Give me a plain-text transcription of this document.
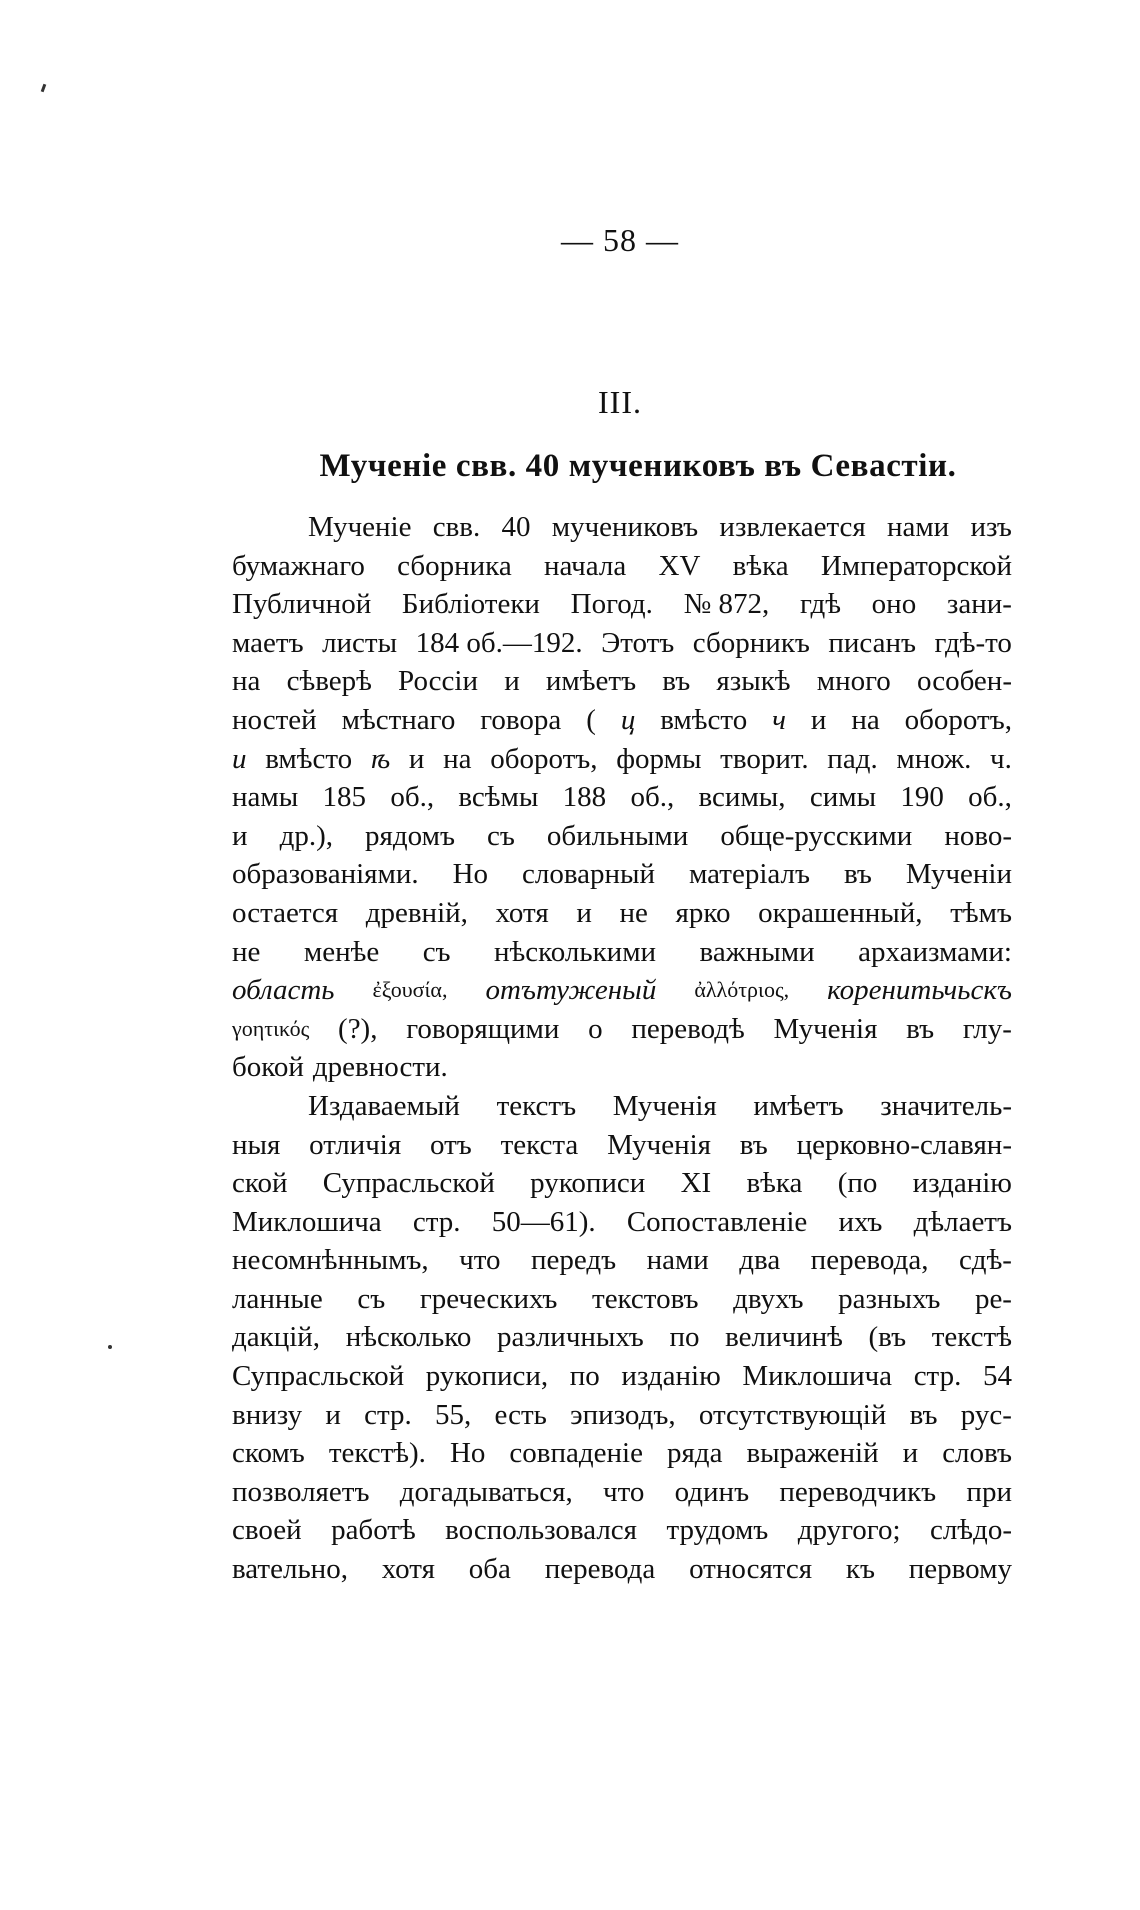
— 58 —
III.
Мученіе свв. 40 мучениковъ въ Севастіи.
Мученіе свв. 40 мучениковъ извлекается нами изъ
бумажнаго сборника начала XV вѣка Императорской
Публичной Библіотеки Погод. № 872, гдѣ оно зани-
маетъ листы 184 об.—192. Этотъ сборникъ писанъ гдѣ-то
на сѣверѣ Россіи и имѣетъ въ языкѣ много особен-
ностей мѣстнаго говора ( ц вмѣсто ч и на оборотъ,
и вмѣсто ѣ и на оборотъ, формы творит. пад. множ. ч.
намы 185 об., всѣмы 188 об., всимы, симы 190 об.,
и др.), рядомъ съ обильными обще-русскими ново-
образованіями. Но словарный матеріалъ въ Мученіи
остается древній, хотя и не ярко окрашенный, тѣмъ
не менѣе съ нѣсколькими важными архаизмами:
область ἐξουσία, отътуженый ἀλλότριος, коренитьчьскъ
γοητικός (?), говорящими о переводѣ Мученія въ глу-
бокой древности.
Издаваемый текстъ Мученія имѣетъ значитель-
ныя отличія отъ текста Мученія въ церковно-славян-
ской Супрасльской рукописи XI вѣка (по изданію
Миклошича стр. 50—61). Сопоставленіе ихъ дѣлаетъ
несомнѣннымъ, что передъ нами два перевода, сдѣ-
ланные съ греческихъ текстовъ двухъ разныхъ ре-
дакцій, нѣсколько различныхъ по величинѣ (въ текстѣ
Супрасльской рукописи, по изданію Миклошича стр. 54
внизу и стр. 55, есть эпизодъ, отсутствующій въ рус-
скомъ текстѣ). Но совпаденіе ряда выраженій и словъ
позволяетъ догадываться, что одинъ переводчикъ при
своей работѣ воспользовался трудомъ другого; слѣдо-
вательно, хотя оба перевода относятся къ первому
